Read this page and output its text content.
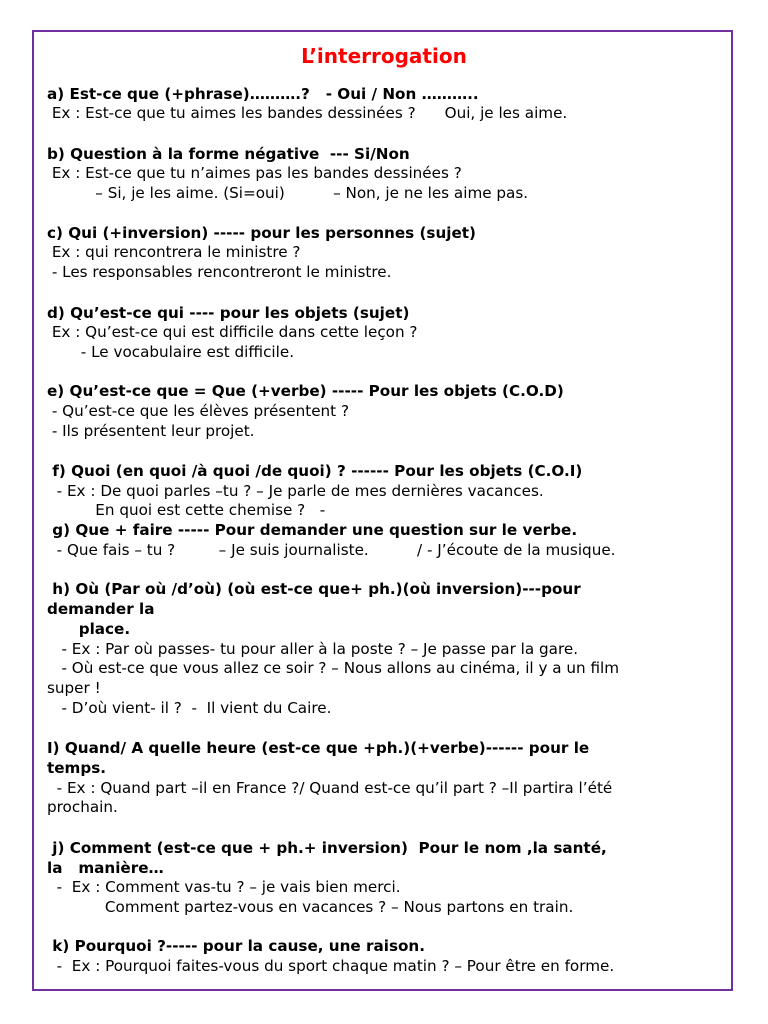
L’interrogation

a) Est-ce que (+phrase)……….?   - Oui / Non ………..

Ex : Est-ce que tu aimes les bandes dessinées ?      Oui, je les aime.

b) Question à la forme négative  --- Si/Non

Ex : Est-ce que tu n’aimes pas les bandes dessinées ?

– Si, je les aime. (Si=oui)          – Non, je ne les aime pas.

c) Qui (+inversion) ----- pour les personnes (sujet)

Ex : qui rencontrera le ministre ?

- Les responsables rencontreront le ministre.

d) Qu’est-ce qui ---- pour les objets (sujet)

Ex : Qu’est-ce qui est difficile dans cette leçon ?

- Le vocabulaire est difficile.

e) Qu’est-ce que = Que (+verbe) ----- Pour les objets (C.O.D)

- Qu’est-ce que les élèves présentent ?

- Ils présentent leur projet.

f) Quoi (en quoi /à quoi /de quoi) ? ------ Pour les objets (C.O.I)

- Ex : De quoi parles –tu ? – Je parle de mes dernières vacances.

En quoi est cette chemise ?   -

g) Que + faire ----- Pour demander une question sur le verbe.

- Que fais – tu ?         – Je suis journaliste.          / - J’écoute de la musique.

h) Où (Par où /d’où) (où est-ce que+ ph.)(où inversion)---pour

demander la

place.

- Ex : Par où passes- tu pour aller à la poste ? – Je passe par la gare.

- Où est-ce que vous allez ce soir ? – Nous allons au cinéma, il y a un film

super !

- D’où vient- il ?  -  Il vient du Caire.

I) Quand/ A quelle heure (est-ce que +ph.)(+verbe)------ pour le

temps.

- Ex : Quand part –il en France ?/ Quand est-ce qu’il part ? –Il partira l’été

prochain.

j) Comment (est-ce que + ph.+ inversion)  Pour le nom ,la santé,

la   manière…

-  Ex : Comment vas-tu ? – je vais bien merci.

Comment partez-vous en vacances ? – Nous partons en train.

k) Pourquoi ?----- pour la cause, une raison.

-  Ex : Pourquoi faites-vous du sport chaque matin ? – Pour être en forme.
